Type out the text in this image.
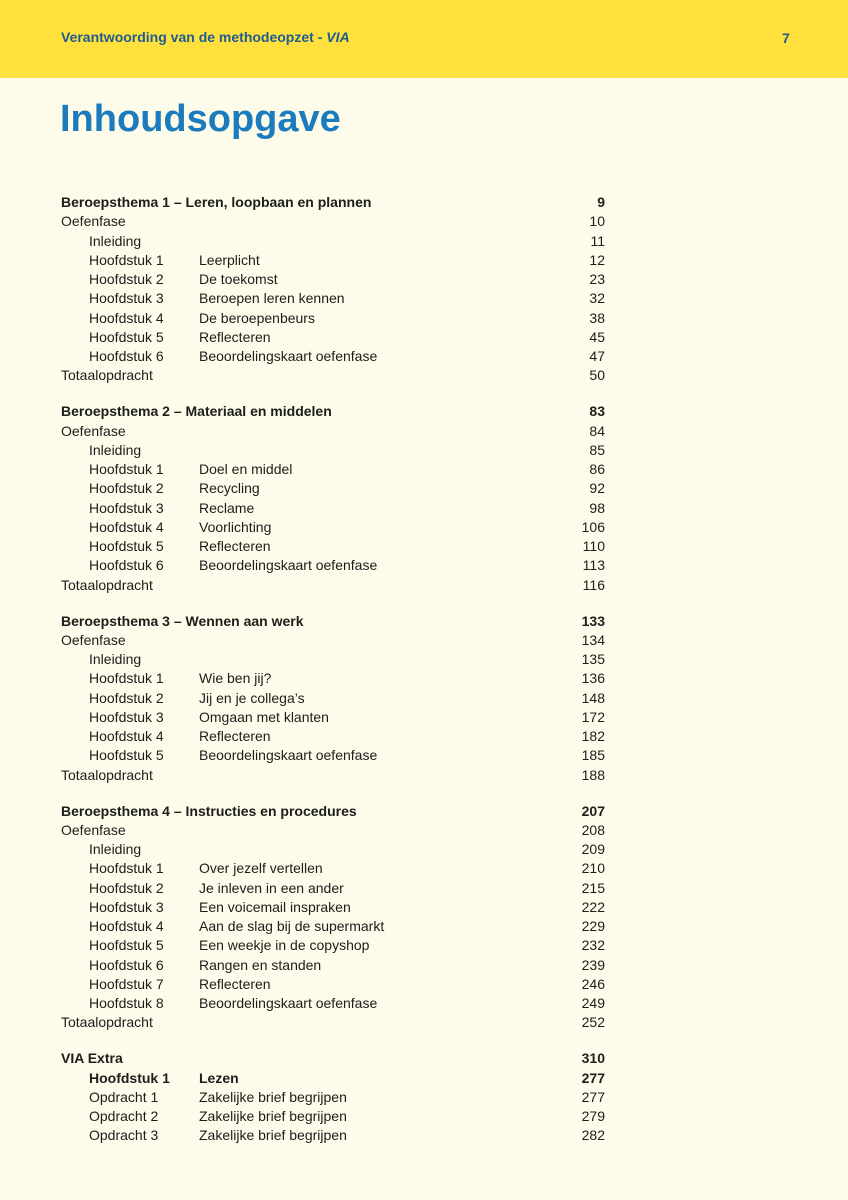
Verantwoording van de methodeopzet - VIA	7
Inhoudsopgave
Beroepsthema 1 – Leren, loopbaan en plannen	9
Oefenfase	10
Inleiding	11
Hoofdstuk 1	Leerplicht	12
Hoofdstuk 2	De toekomst	23
Hoofdstuk 3	Beroepen leren kennen	32
Hoofdstuk 4	De beroepenbeurs	38
Hoofdstuk 5	Reflecteren	45
Hoofdstuk 6	Beoordelingskaart oefenfase	47
Totaalopdracht	50
Beroepsthema 2 – Materiaal en middelen	83
Oefenfase	84
Inleiding	85
Hoofdstuk 1	Doel en middel	86
Hoofdstuk 2	Recycling	92
Hoofdstuk 3	Reclame	98
Hoofdstuk 4	Voorlichting	106
Hoofdstuk 5	Reflecteren	110
Hoofdstuk 6	Beoordelingskaart oefenfase	113
Totaalopdracht	116
Beroepsthema 3 – Wennen aan werk	133
Oefenfase	134
Inleiding	135
Hoofdstuk 1	Wie ben jij?	136
Hoofdstuk 2	Jij en je collega’s	148
Hoofdstuk 3	Omgaan met klanten	172
Hoofdstuk 4	Reflecteren	182
Hoofdstuk 5	Beoordelingskaart oefenfase	185
Totaalopdracht	188
Beroepsthema 4 – Instructies en procedures	207
Oefenfase	208
Inleiding	209
Hoofdstuk 1	Over jezelf vertellen	210
Hoofdstuk 2	Je inleven in een ander	215
Hoofdstuk 3	Een voicemail inspraken	222
Hoofdstuk 4	Aan de slag bij de supermarkt	229
Hoofdstuk 5	Een weekje in de copyshop	232
Hoofdstuk 6	Rangen en standen	239
Hoofdstuk 7	Reflecteren	246
Hoofdstuk 8	Beoordelingskaart oefenfase	249
Totaalopdracht	252
VIA Extra	310
Hoofdstuk 1 Lezen	277
Opdracht 1	Zakelijke brief begrijpen	277
Opdracht 2	Zakelijke brief begrijpen	279
Opdracht 3	Zakelijke brief begrijpen	282
